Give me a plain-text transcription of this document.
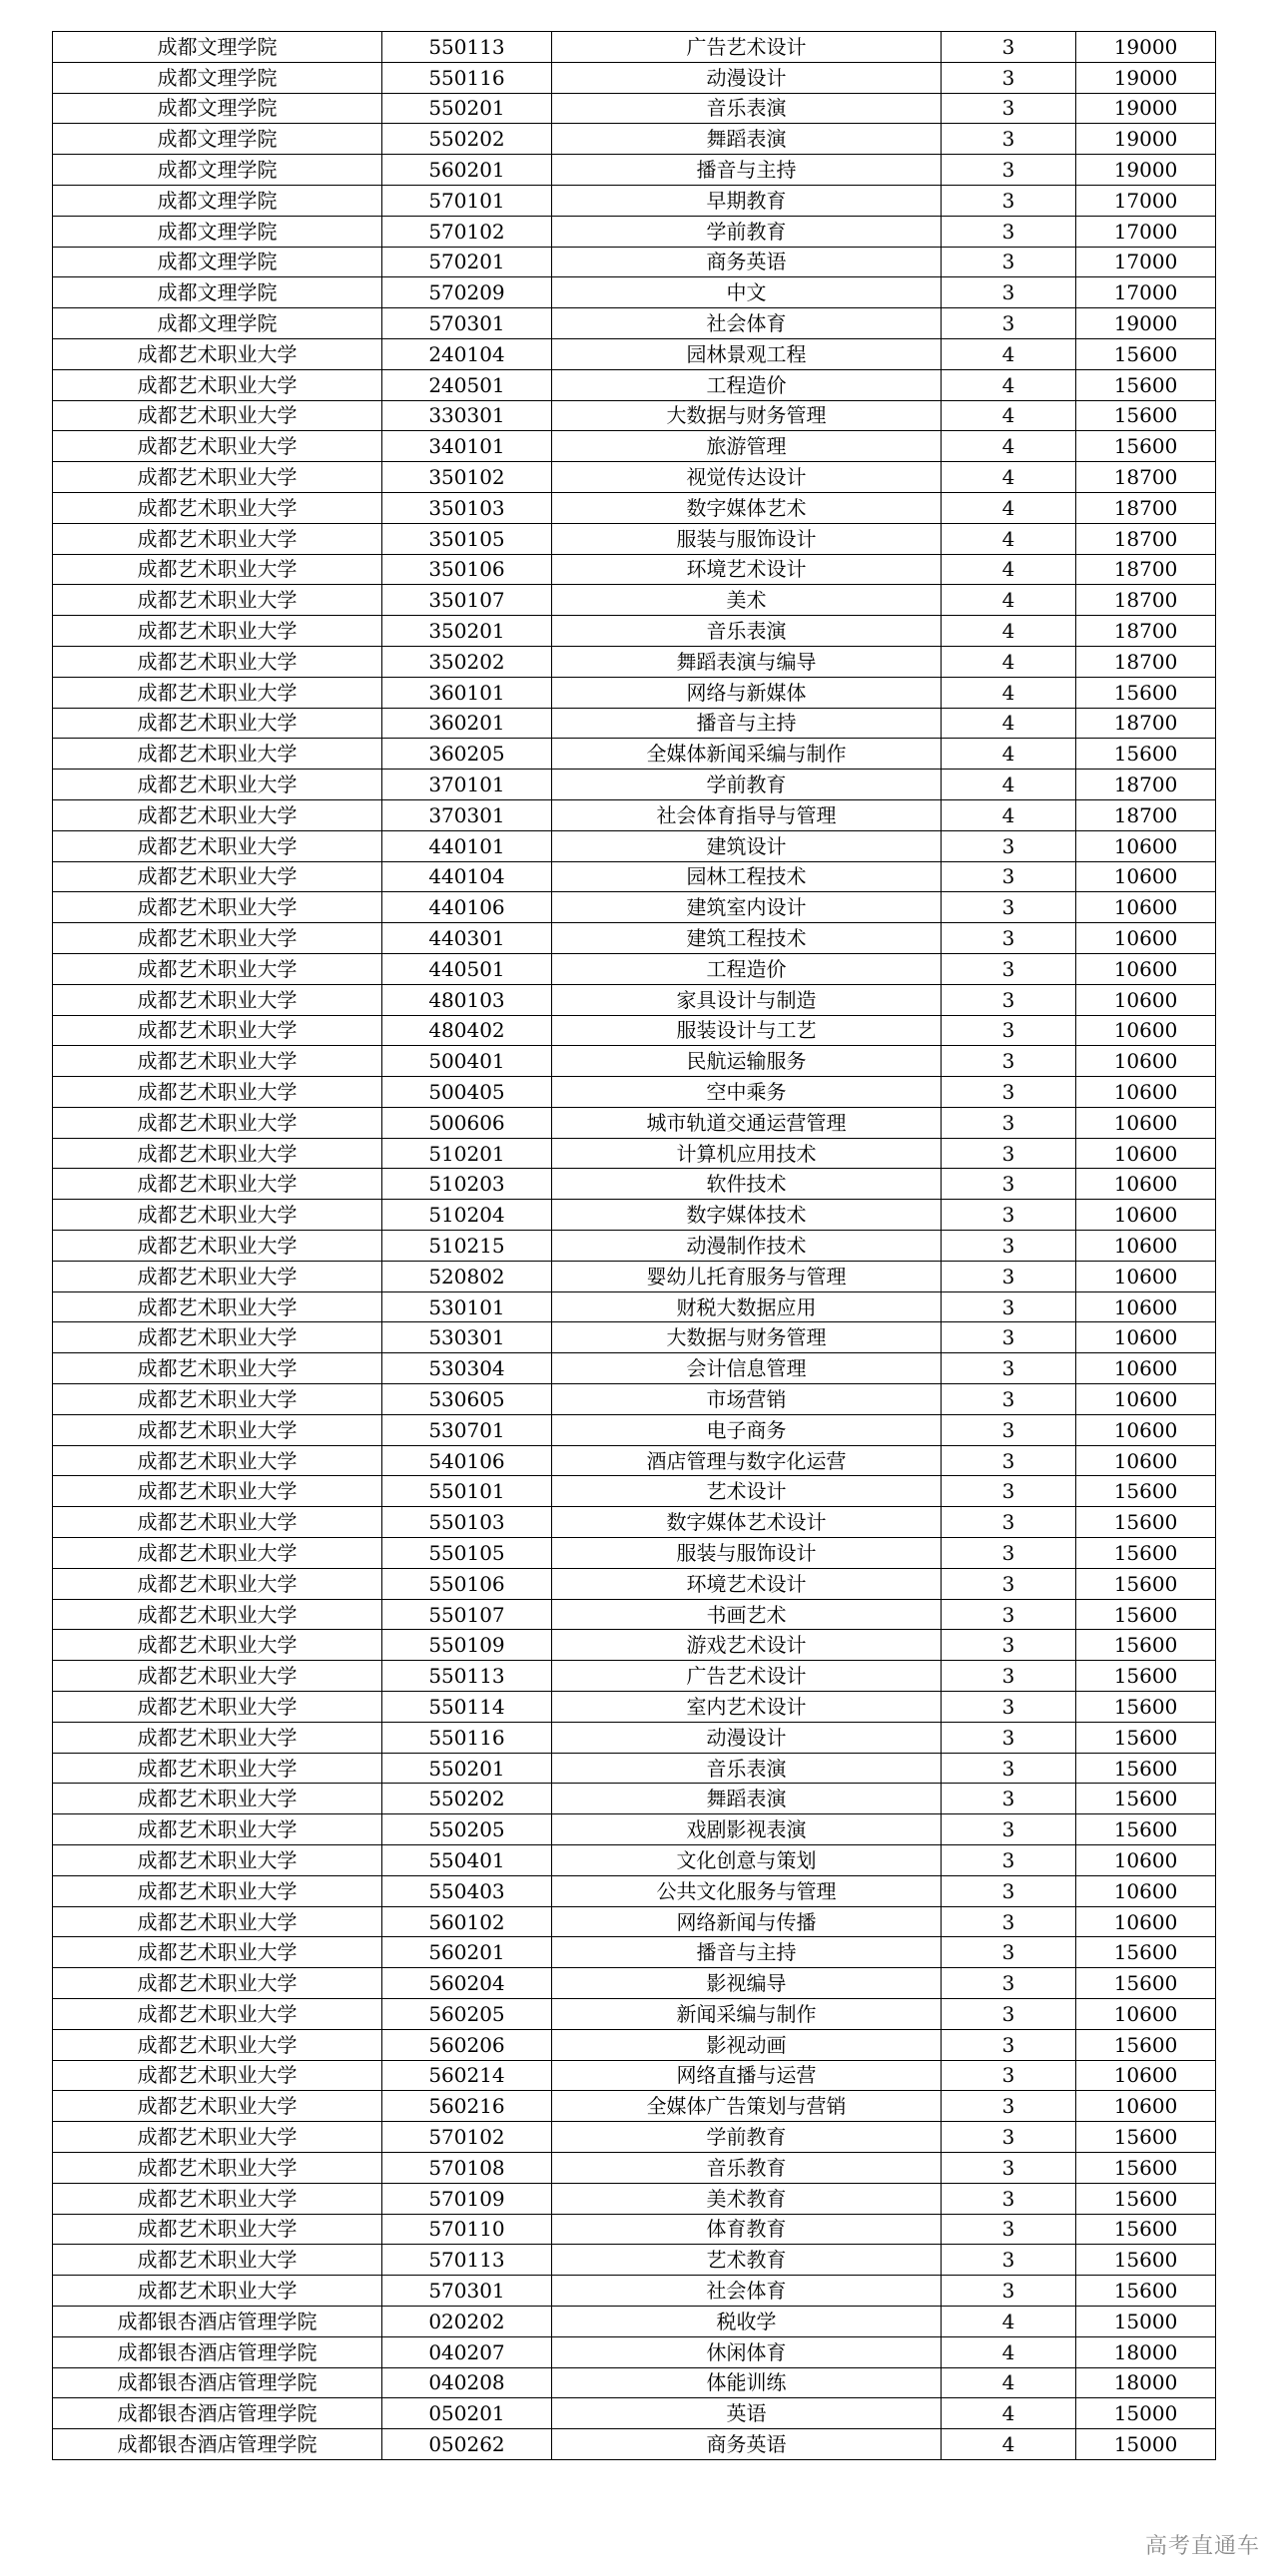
成都文理学院	550113	广告艺术设计	3	19000
成都文理学院	550116	动漫设计	3	19000
成都文理学院	550201	音乐表演	3	19000
成都文理学院	550202	舞蹈表演	3	19000
成都文理学院	560201	播音与主持	3	19000
成都文理学院	570101	早期教育	3	17000
成都文理学院	570102	学前教育	3	17000
成都文理学院	570201	商务英语	3	17000
成都文理学院	570209	中文	3	17000
成都文理学院	570301	社会体育	3	19000
成都艺术职业大学	240104	园林景观工程	4	15600
成都艺术职业大学	240501	工程造价	4	15600
成都艺术职业大学	330301	大数据与财务管理	4	15600
成都艺术职业大学	340101	旅游管理	4	15600
成都艺术职业大学	350102	视觉传达设计	4	18700
成都艺术职业大学	350103	数字媒体艺术	4	18700
成都艺术职业大学	350105	服装与服饰设计	4	18700
成都艺术职业大学	350106	环境艺术设计	4	18700
成都艺术职业大学	350107	美术	4	18700
成都艺术职业大学	350201	音乐表演	4	18700
成都艺术职业大学	350202	舞蹈表演与编导	4	18700
成都艺术职业大学	360101	网络与新媒体	4	15600
成都艺术职业大学	360201	播音与主持	4	18700
成都艺术职业大学	360205	全媒体新闻采编与制作	4	15600
成都艺术职业大学	370101	学前教育	4	18700
成都艺术职业大学	370301	社会体育指导与管理	4	18700
成都艺术职业大学	440101	建筑设计	3	10600
成都艺术职业大学	440104	园林工程技术	3	10600
成都艺术职业大学	440106	建筑室内设计	3	10600
成都艺术职业大学	440301	建筑工程技术	3	10600
成都艺术职业大学	440501	工程造价	3	10600
成都艺术职业大学	480103	家具设计与制造	3	10600
成都艺术职业大学	480402	服装设计与工艺	3	10600
成都艺术职业大学	500401	民航运输服务	3	10600
成都艺术职业大学	500405	空中乘务	3	10600
成都艺术职业大学	500606	城市轨道交通运营管理	3	10600
成都艺术职业大学	510201	计算机应用技术	3	10600
成都艺术职业大学	510203	软件技术	3	10600
成都艺术职业大学	510204	数字媒体技术	3	10600
成都艺术职业大学	510215	动漫制作技术	3	10600
成都艺术职业大学	520802	婴幼儿托育服务与管理	3	10600
成都艺术职业大学	530101	财税大数据应用	3	10600
成都艺术职业大学	530301	大数据与财务管理	3	10600
成都艺术职业大学	530304	会计信息管理	3	10600
成都艺术职业大学	530605	市场营销	3	10600
成都艺术职业大学	530701	电子商务	3	10600
成都艺术职业大学	540106	酒店管理与数字化运营	3	10600
成都艺术职业大学	550101	艺术设计	3	15600
成都艺术职业大学	550103	数字媒体艺术设计	3	15600
成都艺术职业大学	550105	服装与服饰设计	3	15600
成都艺术职业大学	550106	环境艺术设计	3	15600
成都艺术职业大学	550107	书画艺术	3	15600
成都艺术职业大学	550109	游戏艺术设计	3	15600
成都艺术职业大学	550113	广告艺术设计	3	15600
成都艺术职业大学	550114	室内艺术设计	3	15600
成都艺术职业大学	550116	动漫设计	3	15600
成都艺术职业大学	550201	音乐表演	3	15600
成都艺术职业大学	550202	舞蹈表演	3	15600
成都艺术职业大学	550205	戏剧影视表演	3	15600
成都艺术职业大学	550401	文化创意与策划	3	10600
成都艺术职业大学	550403	公共文化服务与管理	3	10600
成都艺术职业大学	560102	网络新闻与传播	3	10600
成都艺术职业大学	560201	播音与主持	3	15600
成都艺术职业大学	560204	影视编导	3	15600
成都艺术职业大学	560205	新闻采编与制作	3	10600
成都艺术职业大学	560206	影视动画	3	15600
成都艺术职业大学	560214	网络直播与运营	3	10600
成都艺术职业大学	560216	全媒体广告策划与营销	3	10600
成都艺术职业大学	570102	学前教育	3	15600
成都艺术职业大学	570108	音乐教育	3	15600
成都艺术职业大学	570109	美术教育	3	15600
成都艺术职业大学	570110	体育教育	3	15600
成都艺术职业大学	570113	艺术教育	3	15600
成都艺术职业大学	570301	社会体育	3	15600
成都银杏酒店管理学院	020202	税收学	4	15000
成都银杏酒店管理学院	040207	休闲体育	4	18000
成都银杏酒店管理学院	040208	体能训练	4	18000
成都银杏酒店管理学院	050201	英语	4	15000
成都银杏酒店管理学院	050262	商务英语	4	15000
高考直通车
